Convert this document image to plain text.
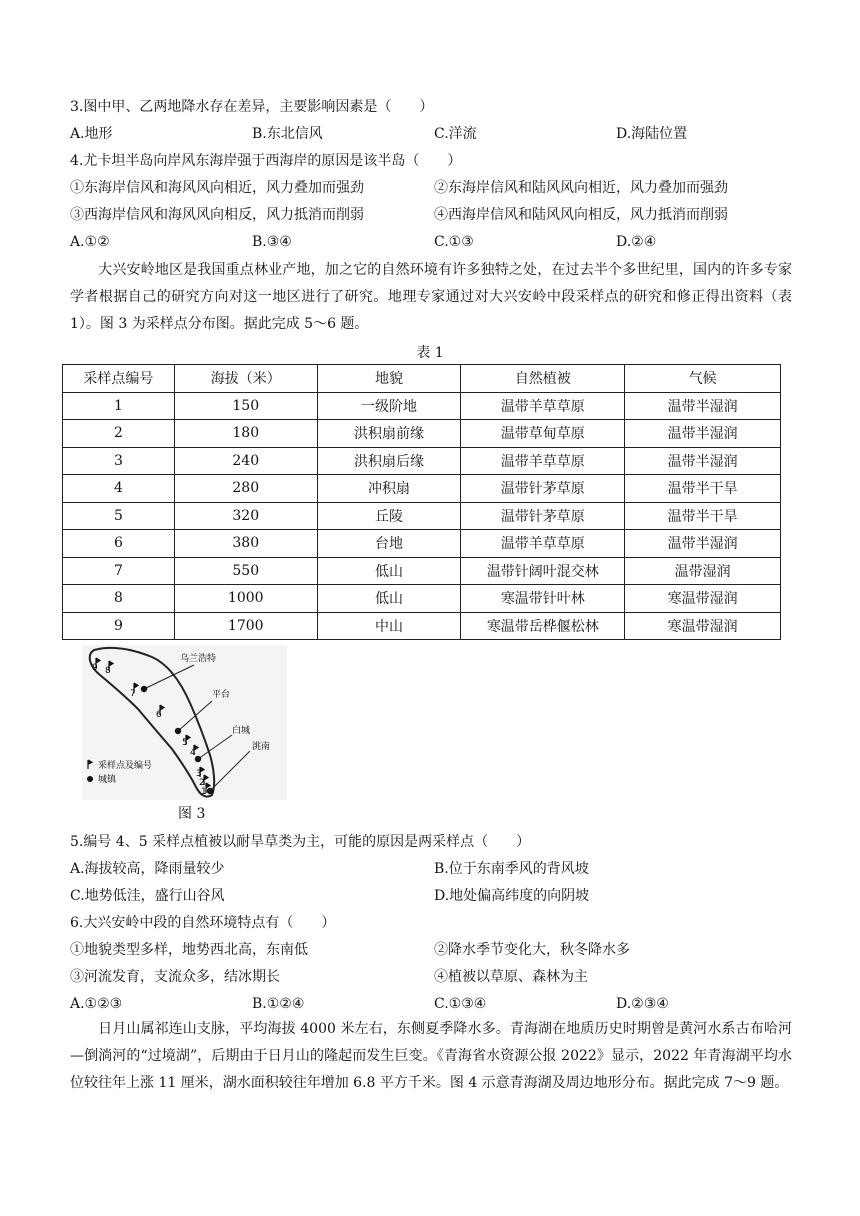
3.图中甲、乙两地降水存在差异，主要影响因素是（　　）
A.地形	B.东北信风	C.洋流	D.海陆位置
4.尤卡坦半岛向岸风东海岸强于西海岸的原因是该半岛（　　）
①东海岸信风和海风风向相近，风力叠加而强劲	②东海岸信风和陆风风向相近，风力叠加而强劲
③西海岸信风和海风风向相反，风力抵消而削弱	④西海岸信风和陆风风向相反，风力抵消而削弱
A.①②	B.③④	C.①③	D.②④
大兴安岭地区是我国重点林业产地，加之它的自然环境有许多独特之处，在过去半个多世纪里，国内的许多专家学者根据自己的研究方向对这一地区进行了研究。地理专家通过对大兴安岭中段采样点的研究和修正得出资料（表 1）。图 3 为采样点分布图。据此完成 5～6 题。
表 1
采样点编号	海拔（米）	地貌	自然植被	气候
1	150	一级阶地	温带羊草草原	温带半湿润
2	180	洪积扇前缘	温带草甸草原	温带半湿润
3	240	洪积扇后缘	温带羊草草原	温带半湿润
4	280	冲积扇	温带针茅草原	温带半干旱
5	320	丘陵	温带针茅草原	温带半干旱
6	380	台地	温带羊草草原	温带半湿润
7	550	低山	温带针阔叶混交林	温带湿润
8	1000	低山	寒温带针叶林	寒温带湿润
9	1700	中山	寒温带岳桦偃松林	寒温带湿润
9 8
7
6
5
4
3
2
1
乌兰浩特
平台
白城
洮南
采样点及编号
城镇
图 3
5.编号 4、5 采样点植被以耐旱草类为主，可能的原因是两采样点（　　）
A.海拔较高，降雨量较少	B.位于东南季风的背风坡
C.地势低洼，盛行山谷风	D.地处偏高纬度的向阴坡
6.大兴安岭中段的自然环境特点有（　　）
①地貌类型多样，地势西北高，东南低	②降水季节变化大，秋冬降水多
③河流发育，支流众多，结冰期长	④植被以草原、森林为主
A.①②③	B.①②④	C.①③④	D.②③④
日月山属祁连山支脉，平均海拔 4000 米左右，东侧夏季降水多。青海湖在地质历史时期曾是黄河水系古布哈河—倒淌河的“过境湖”，后期由于日月山的隆起而发生巨变。《青海省水资源公报 2022》显示，2022 年青海湖平均水位较往年上涨 11 厘米，湖水面积较往年增加 6.8 平方千米。图 4 示意青海湖及周边地形分布。据此完成 7～9 题。
